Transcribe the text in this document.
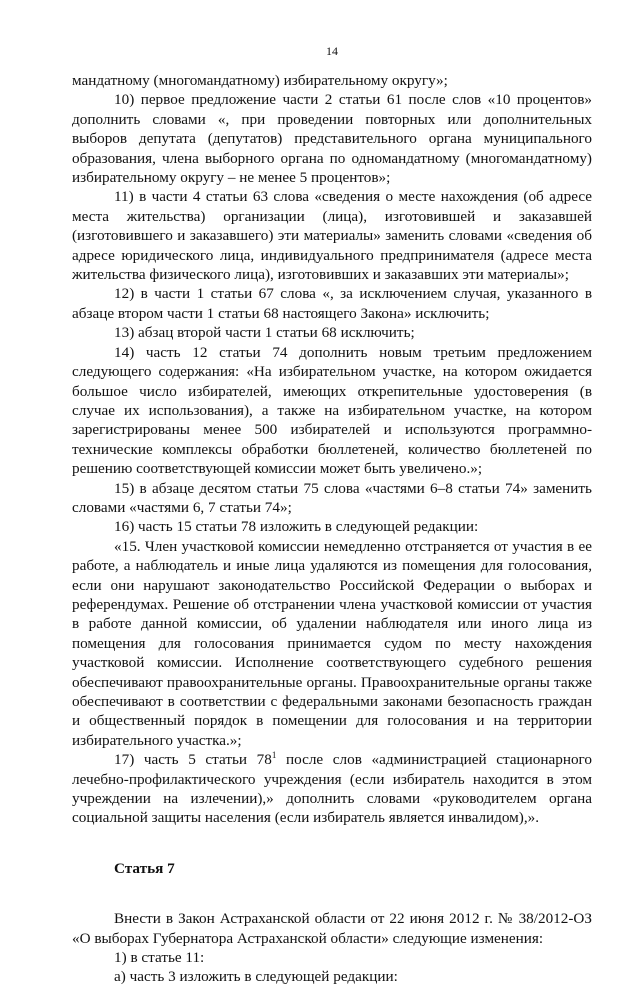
14

мандатному (многомандатному) избирательному округу»;

10) первое предложение части 2 статьи 61 после слов «10 процентов» дополнить словами «, при проведении повторных или дополнительных выборов депутата (депутатов) представительного органа муниципального образования, члена выборного органа по одномандатному (многомандатному) избирательному округу – не менее 5 процентов»;

11) в части 4 статьи 63 слова «сведения о месте нахождения (об адресе места жительства) организации (лица), изготовившей и заказавшей (изготовившего и заказавшего) эти материалы» заменить словами «сведения об адресе юридического лица, индивидуального предпринимателя (адресе места жительства физического лица), изготовивших и заказавших эти материалы»;

12) в части 1 статьи 67 слова «, за исключением случая, указанного в абзаце втором части 1 статьи 68 настоящего Закона» исключить;

13) абзац второй части 1 статьи 68 исключить;

14) часть 12 статьи 74 дополнить новым третьим предложением следующего содержания: «На избирательном участке, на котором ожидается большое число избирателей, имеющих открепительные удостоверения (в случае их использования), а также на избирательном участке, на котором зарегистрированы менее 500 избирателей и используются программно-технические комплексы обработки бюллетеней, количество бюллетеней по решению соответствующей комиссии может быть увеличено.»;

15) в абзаце десятом статьи 75 слова «частями 6–8 статьи 74» заменить словами «частями 6, 7 статьи 74»;

16) часть 15 статьи 78 изложить в следующей редакции:

«15. Член участковой комиссии немедленно отстраняется от участия в ее работе, а наблюдатель и иные лица удаляются из помещения для голосования, если они нарушают законодательство Российской Федерации о выборах и референдумах. Решение об отстранении члена участковой комиссии от участия в работе данной комиссии, об удалении наблюдателя или иного лица из помещения для голосования принимается судом по месту нахождения участковой комиссии. Исполнение соответствующего судебного решения обеспечивают правоохранительные органы. Правоохранительные органы также обеспечивают в соответствии с федеральными законами безопасность граждан и общественный порядок в помещении для голосования и на территории избирательного участка.»;

17) часть 5 статьи $78^1$ после слов «администрацией стационарного лечебно-профилактического учреждения (если избиратель находится в этом учреждении на излечении),» дополнить словами «руководителем органа социальной защиты населения (если избиратель является инвалидом),».

Статья 7

Внести в Закон Астраханской области от 22 июня 2012 г. № 38/2012-ОЗ «О выборах Губернатора Астраханской области» следующие изменения:

1) в статье 11:

а) часть 3 изложить в следующей редакции:
